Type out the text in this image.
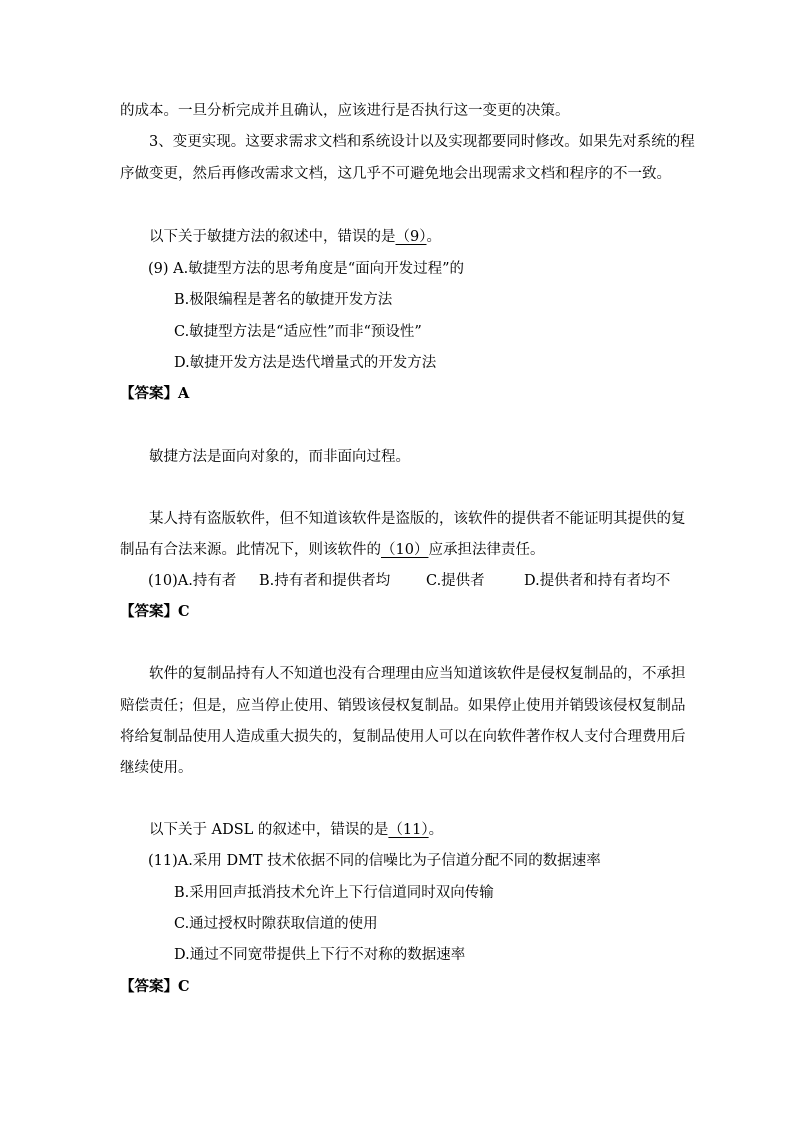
的成本。一旦分析完成并且确认，应该进行是否执行这一变更的决策。
3、变更实现。这要求需求文档和系统设计以及实现都要同时修改。如果先对系统的程
序做变更，然后再修改需求文档，这几乎不可避免地会出现需求文档和程序的不一致。
以下关于敏捷方法的叙述中，错误的是（9）。
(9) A.敏捷型方法的思考角度是“面向开发过程”的
B.极限编程是著名的敏捷开发方法
C.敏捷型方法是“适应性”而非“预设性”
D.敏捷开发方法是迭代增量式的开发方法
【答案】A
敏捷方法是面向对象的，而非面向过程。
某人持有盗版软件，但不知道该软件是盗版的，该软件的提供者不能证明其提供的复
制品有合法来源。此情况下，则该软件的（10）应承担法律责任。
(10)A.持有者 B.持有者和提供者均 C.提供者	D.提供者和持有者均不
【答案】C
软件的复制品持有人不知道也没有合理理由应当知道该软件是侵权复制品的，不承担
赔偿责任；但是，应当停止使用、销毁该侵权复制品。如果停止使用并销毁该侵权复制品
将给复制品使用人造成重大损失的，复制品使用人可以在向软件著作权人支付合理费用后
继续使用。
以下关于 ADSL 的叙述中，错误的是（11）。
(11)A.采用 DMT 技术依据不同的信噪比为子信道分配不同的数据速率
B.采用回声抵消技术允许上下行信道同时双向传输
C.通过授权时隙获取信道的使用
D.通过不同宽带提供上下行不对称的数据速率
【答案】C
